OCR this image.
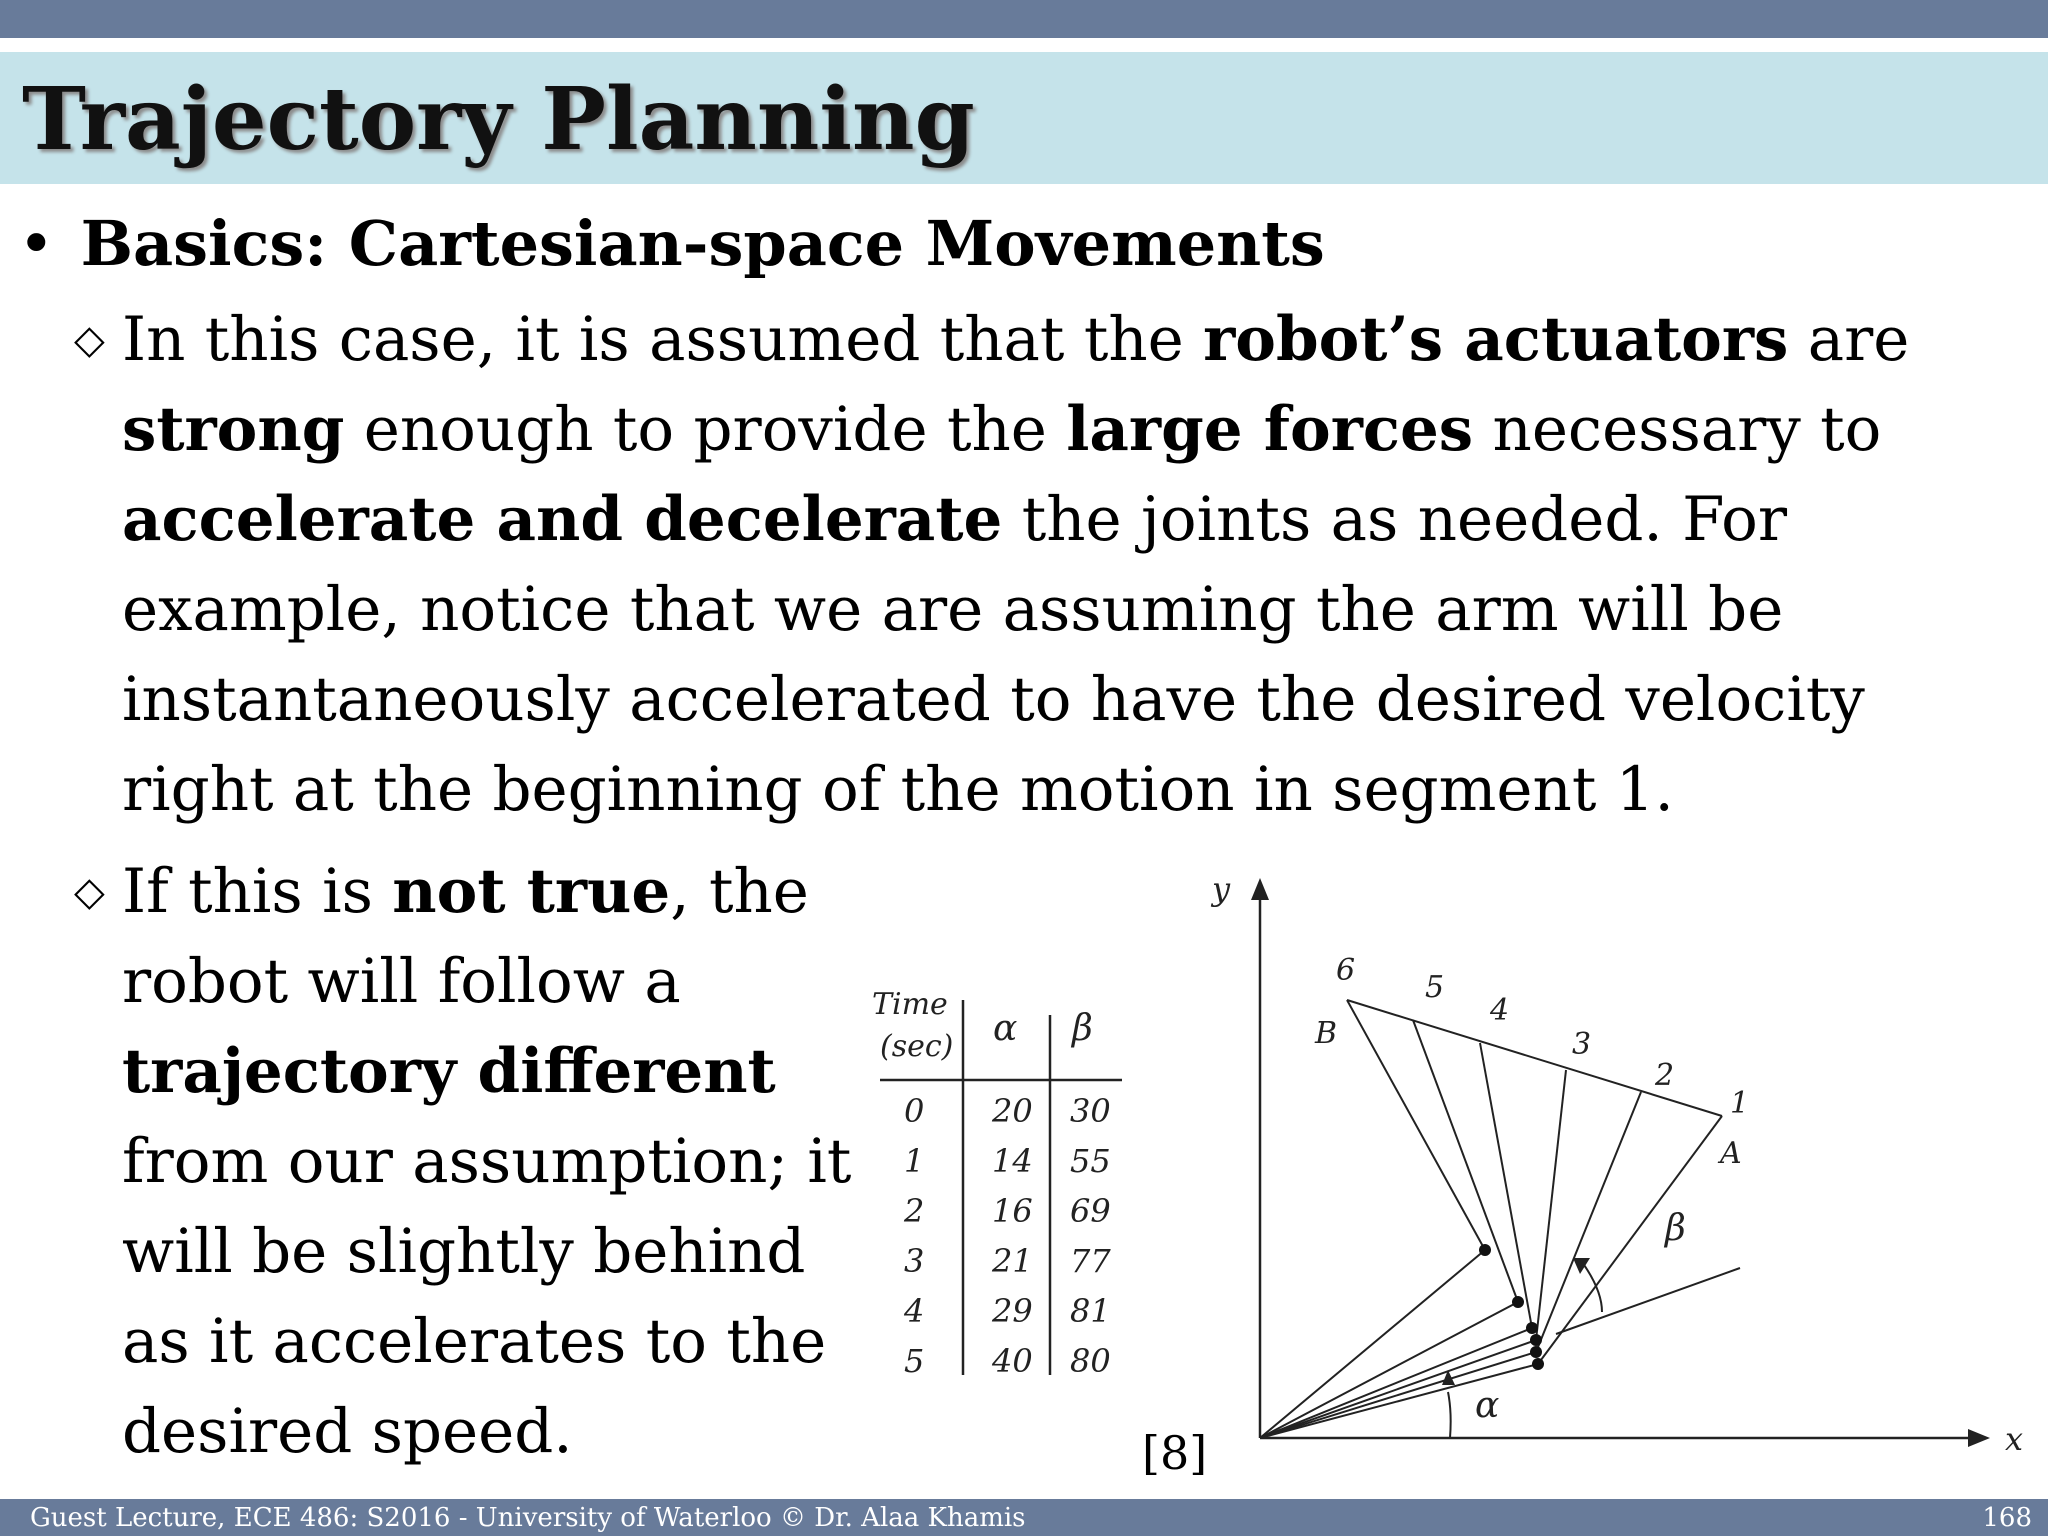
Trajectory Planning
• Basics: Cartesian-space Movements
◇ In this case, it is assumed that the robot’s actuators are strong enough to provide the large forces necessary to accelerate and decelerate the joints as needed. For example, notice that we are assuming the arm will be instantaneously accelerated to have the desired velocity right at the beginning of the motion in segment 1.
◇ If this is not true, the robot will follow a trajectory different from our assumption; it will be slightly behind as it accelerates to the desired speed.
Time
(sec) α β
0 20 30
1 14 55
2 16 69
3 21 77
4 29 81
5 40 80
y
x
B
A
6 5
4
3
2
1
β
α
[8]
Guest Lecture, ECE 486: S2016 - University of Waterloo © Dr. Alaa Khamis	168
